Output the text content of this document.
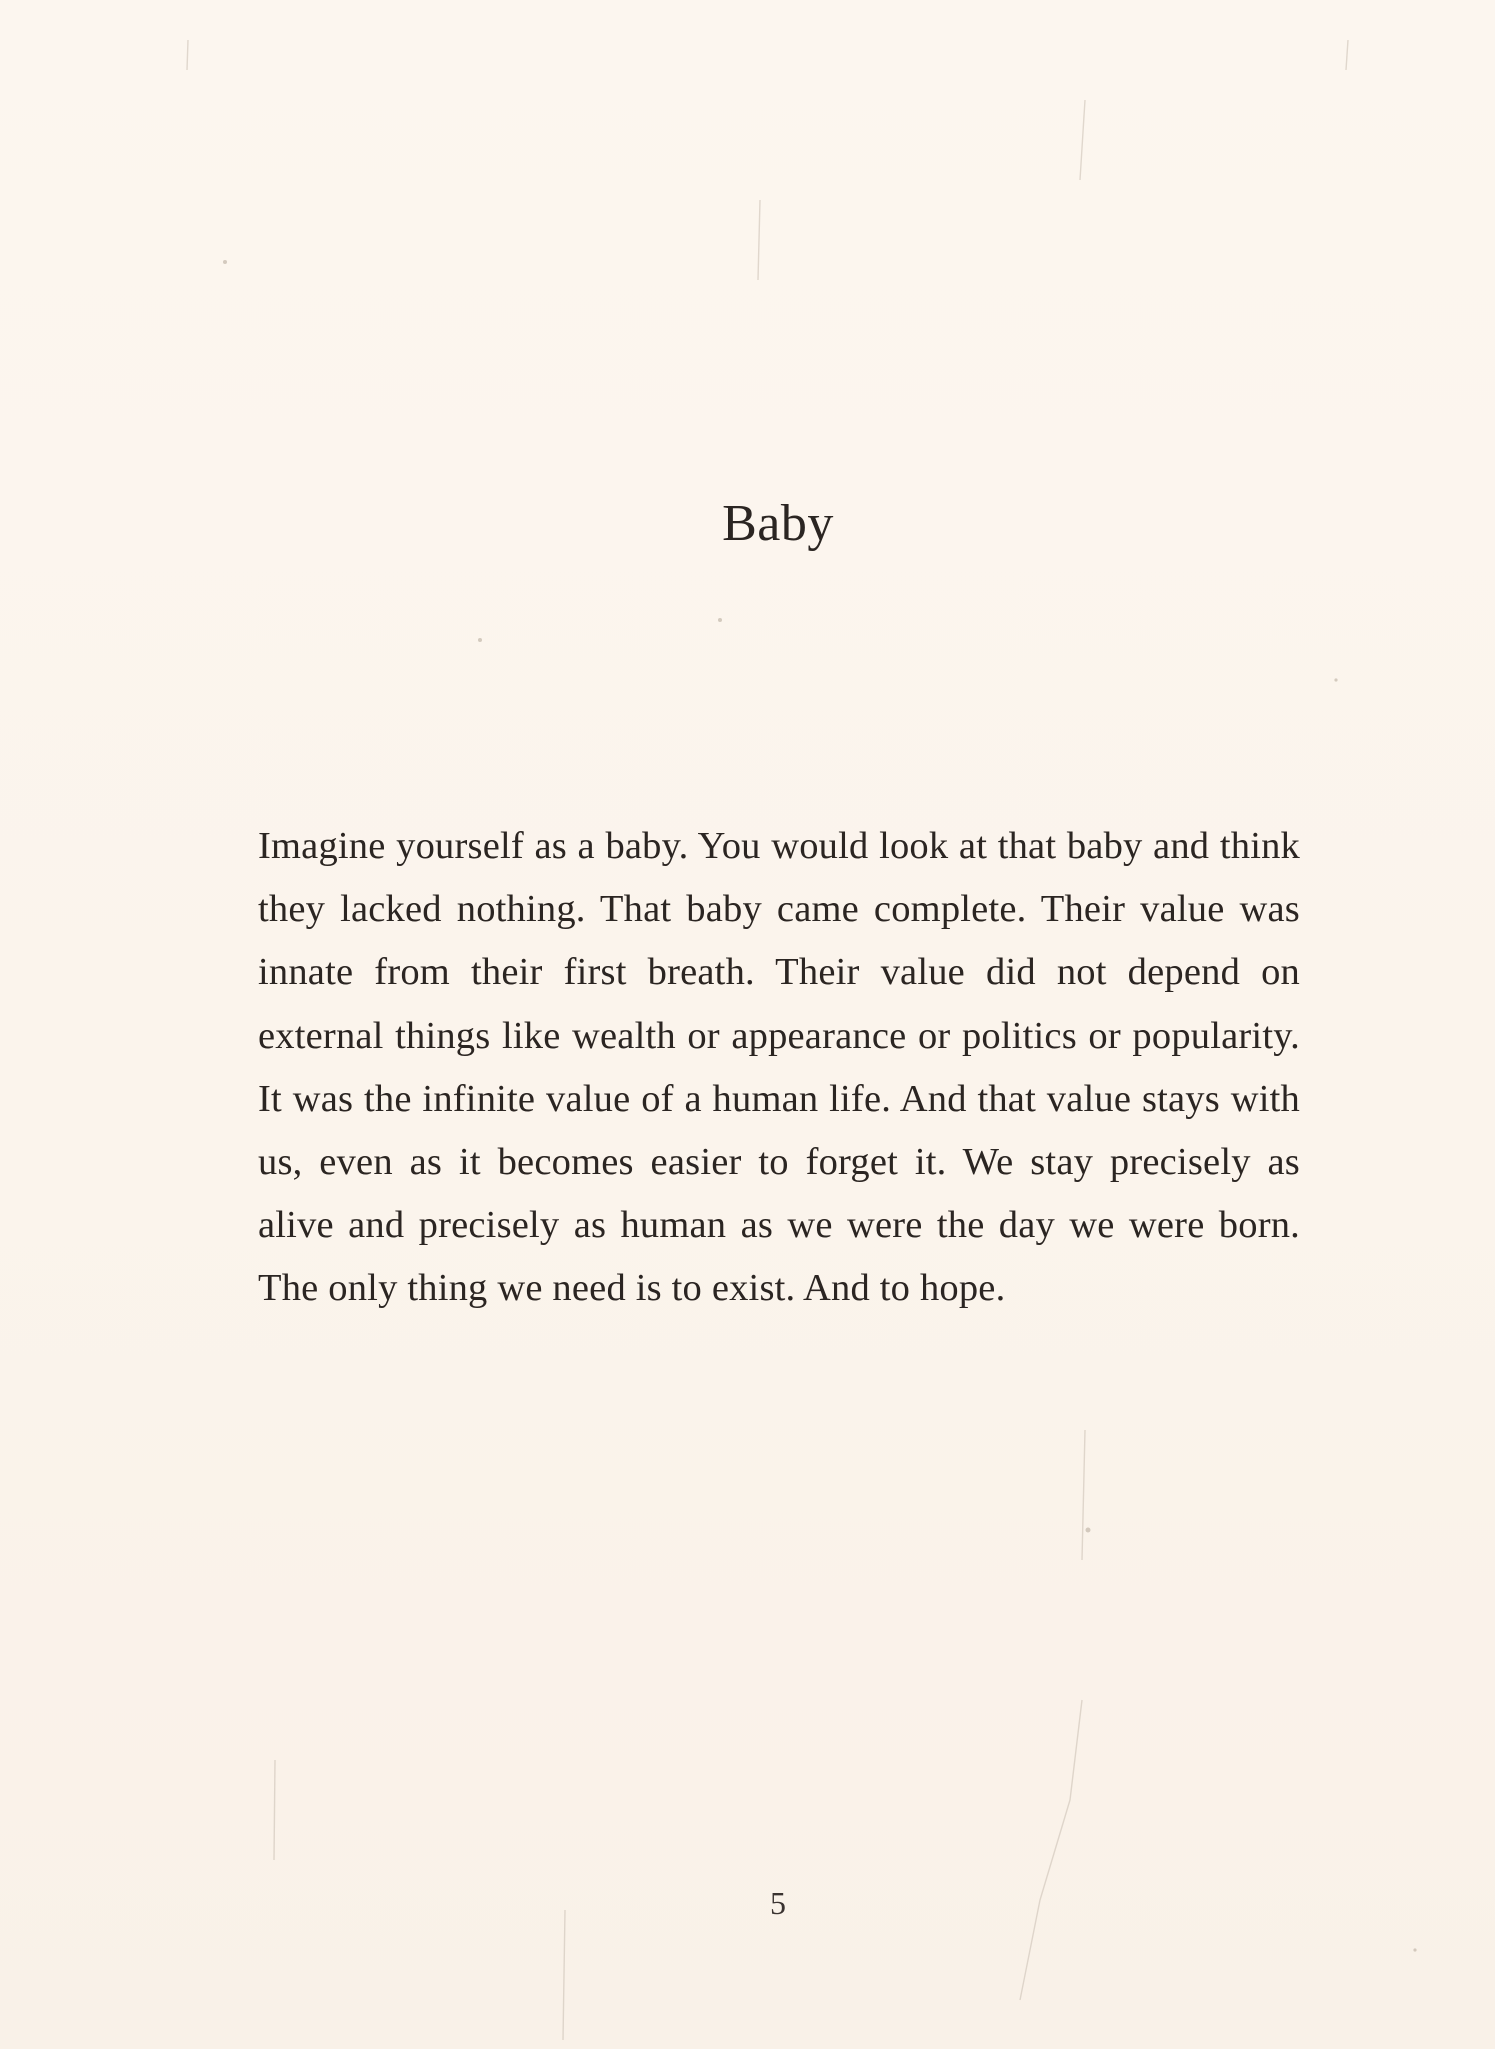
Baby

Imagine yourself as a baby. You would look at that baby and think they lacked nothing. That baby came complete. Their value was innate from their first breath. Their value did not depend on external things like wealth or appearance or politics or popularity. It was the infinite value of a human life. And that value stays with us, even as it becomes easier to forget it. We stay precisely as alive and precisely as human as we were the day we were born. The only thing we need is to exist. And to hope.

5
